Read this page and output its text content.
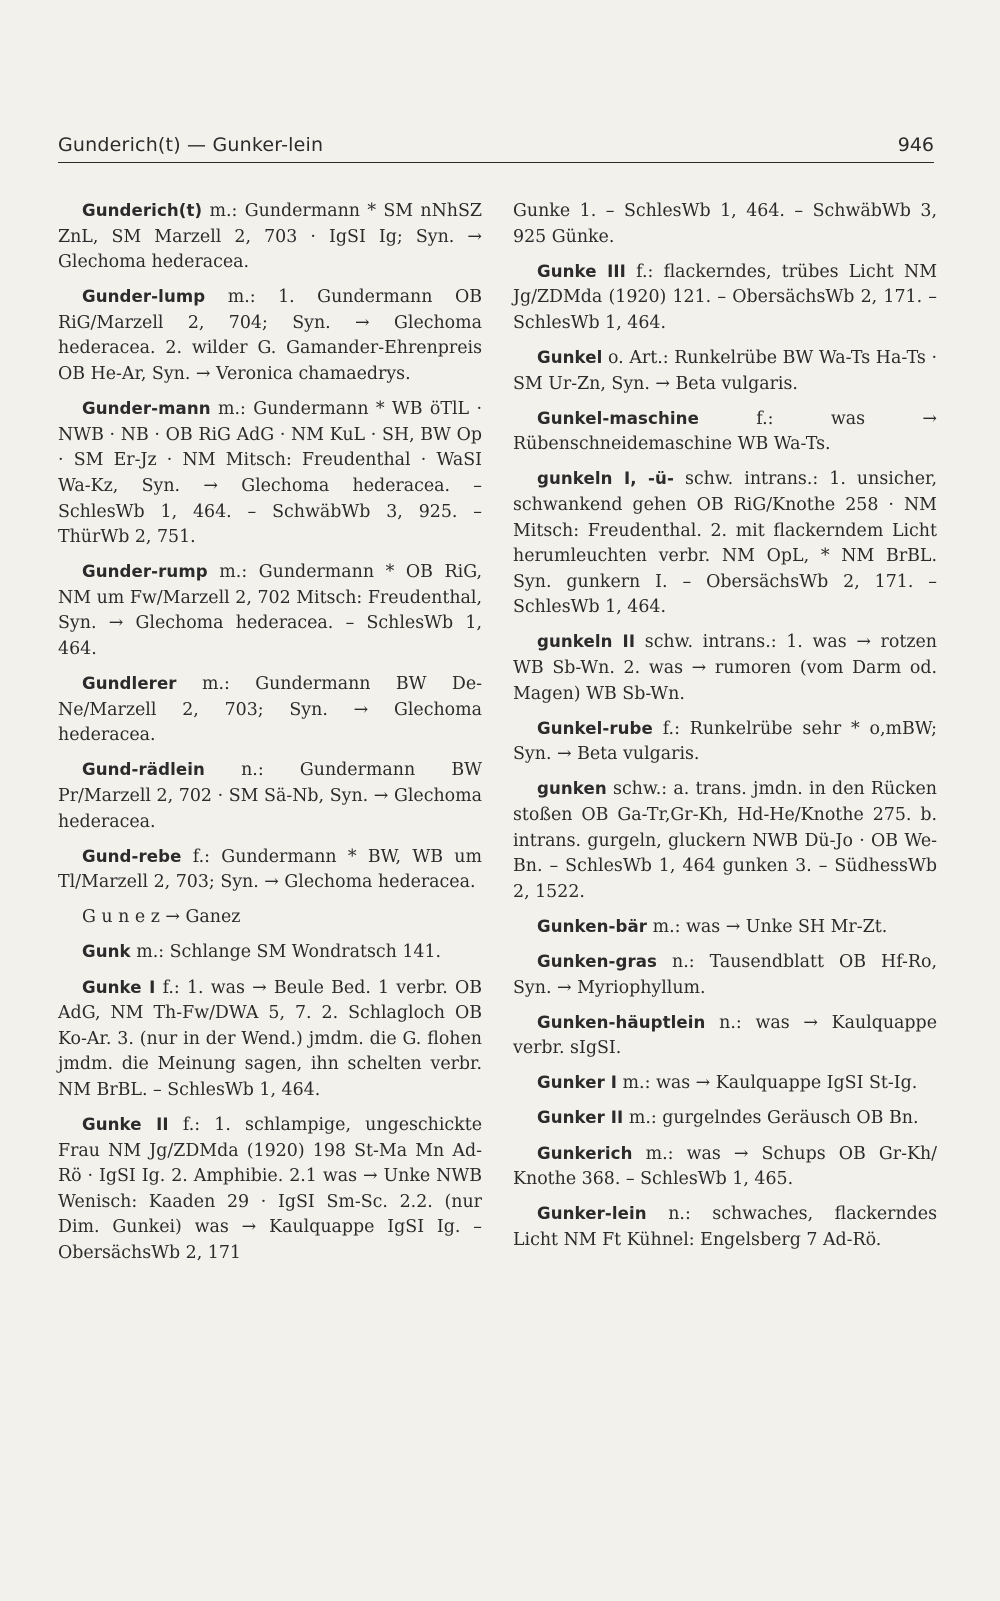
Gunderich(t) — Gunker-lein	946

Gunderich(t) m.: Gundermann * SM nNhSZ ZnL, SM Marzell 2, 703 · IgSI Ig; Syn. → Glechoma hederacea.

Gunder-lump m.: 1. Gundermann OB RiG/Marzell 2, 704; Syn. → Glechoma hederacea. 2. wilder G. Gamander-Ehrenpreis OB He-Ar, Syn. → Veronica chamaedrys.

Gunder-mann m.: Gundermann * WB öTlL · NWB · NB · OB RiG AdG · NM KuL · SH, BW Op · SM Er-Jz · NM Mitsch: Freudenthal · WaSI Wa-Kz, Syn. → Glechoma hederacea. – SchlesWb 1, 464. – SchwäbWb 3, 925. – ThürWb 2, 751.

Gunder-rump m.: Gundermann * OB RiG, NM um Fw/Marzell 2, 702 Mitsch: Freudenthal, Syn. → Glechoma hederacea. – SchlesWb 1, 464.

Gundlerer m.: Gundermann BW De-Ne/Marzell 2, 703; Syn. → Glechoma hederacea.

Gund-rädlein n.: Gundermann BW Pr/Marzell 2, 702 · SM Sä-Nb, Syn. → Glechoma hederacea.

Gund-rebe f.: Gundermann * BW, WB um Tl/Marzell 2, 703; Syn. → Glechoma hederacea.

G u n e z → Ganez

Gunk m.: Schlange SM Wondratsch 141.

Gunke I f.: 1. was → Beule Bed. 1 verbr. OB AdG, NM Th-Fw/DWA 5, 7. 2. Schlagloch OB Ko-Ar. 3. (nur in der Wend.) jmdm. die G. flohen jmdm. die Meinung sagen, ihn schelten verbr. NM BrBL. – SchlesWb 1, 464.

Gunke II f.: 1. schlampige, ungeschickte Frau NM Jg/ZDMda (1920) 198 St-Ma Mn Ad-Rö · IgSI Ig. 2. Amphibie. 2.1 was → Unke NWB Wenisch: Kaaden 29 · IgSI Sm-Sc. 2.2. (nur Dim. Gunkei) was → Kaulquappe IgSI Ig. – ObersächsWb 2, 171

Gunke 1. – SchlesWb 1, 464. – SchwäbWb 3, 925 Günke.

Gunke III f.: flackerndes, trübes Licht NM Jg/ZDMda (1920) 121. – ObersächsWb 2, 171. – SchlesWb 1, 464.

Gunkel o. Art.: Runkelrübe BW Wa-Ts Ha-Ts · SM Ur-Zn, Syn. → Beta vulgaris.

Gunkel-maschine f.: was → Rübenschneidemaschine WB Wa-Ts.

gunkeln I, -ü- schw. intrans.: 1. unsicher, schwankend gehen OB RiG/Knothe 258 · NM Mitsch: Freudenthal. 2. mit flackerndem Licht herumleuchten verbr. NM OpL, * NM BrBL. Syn. gunkern I. – ObersächsWb 2, 171. – SchlesWb 1, 464.

gunkeln II schw. intrans.: 1. was → rotzen WB Sb-Wn. 2. was → rumoren (vom Darm od. Magen) WB Sb-Wn.

Gunkel-rube f.: Runkelrübe sehr * o,mBW; Syn. → Beta vulgaris.

gunken schw.: a. trans. jmdn. in den Rücken stoßen OB Ga-Tr,Gr-Kh, Hd-He/Knothe 275. b. intrans. gurgeln, gluckern NWB Dü-Jo · OB We-Bn. – SchlesWb 1, 464 gunken 3. – SüdhessWb 2, 1522.

Gunken-bär m.: was → Unke SH Mr-Zt.

Gunken-gras n.: Tausendblatt OB Hf-Ro, Syn. → Myriophyllum.

Gunken-häuptlein n.: was → Kaulquappe verbr. sIgSI.

Gunker I m.: was → Kaulquappe IgSI St-Ig.

Gunker II m.: gurgelndes Geräusch OB Bn.

Gunkerich m.: was → Schups OB Gr-Kh/ Knothe 368. – SchlesWb 1, 465.

Gunker-lein n.: schwaches, flackerndes Licht NM Ft Kühnel: Engelsberg 7 Ad-Rö.
